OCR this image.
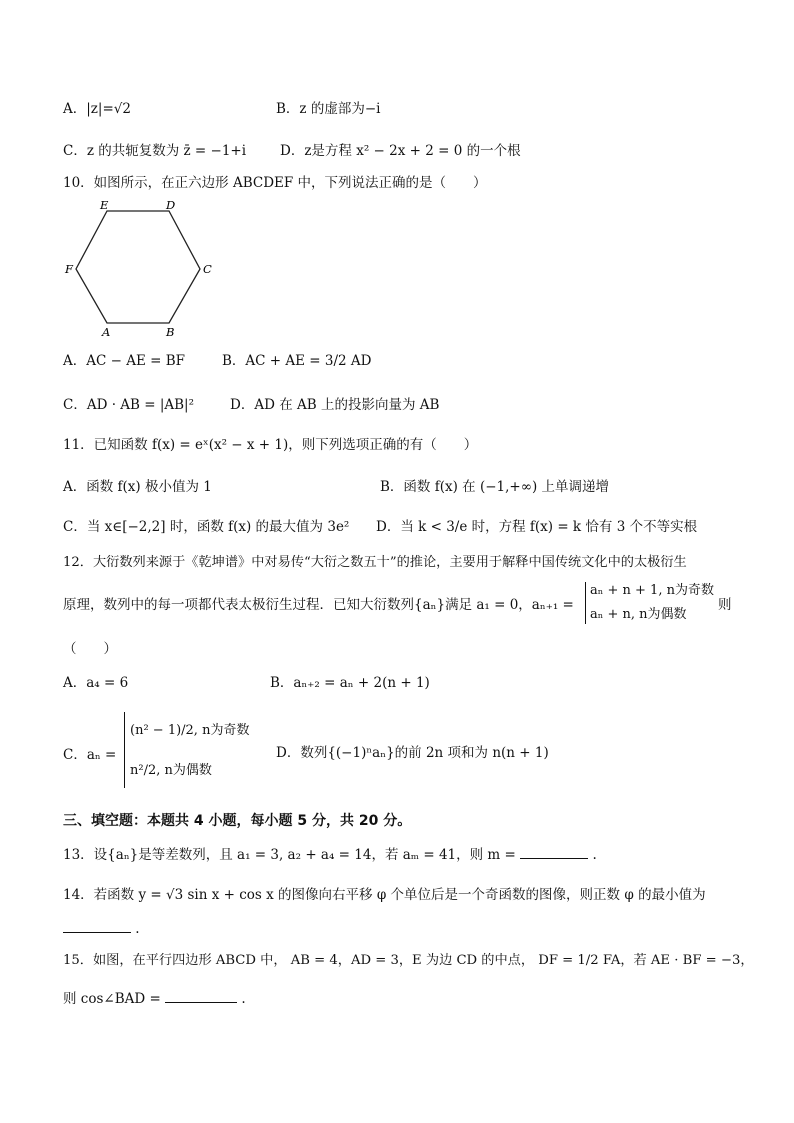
A．|z|=√2	B．z 的虚部为−i
C．z 的共轭复数为 z̄ = −1+i	D．z是方程 x² − 2x + 2 = 0 的一个根
10．如图所示，在正六边形 ABCDEF 中，下列说法正确的是（　　）
E	D
F	C
A	B
A．AC − AE = BF	B．AC + AE = 3/2 AD
C．AD · AB = |AB|²	D．AD 在 AB 上的投影向量为 AB
11．已知函数 f(x) = eˣ(x² − x + 1)，则下列选项正确的有（　　）
A．函数 f(x) 极小值为 1	B．函数 f(x) 在 (−1,+∞) 上单调递增
C．当 x∈[−2,2] 时，函数 f(x) 的最大值为 3e² D．当 k < 3/e 时，方程 f(x) = k 恰有 3 个不等实根
12．大衍数列来源于《乾坤谱》中对易传“大衍之数五十”的推论，主要用于解释中国传统文化中的太极衍生
原理，数列中的每一项都代表太极衍生过程．已知大衍数列{aₙ}满足 a₁ = 0，aₙ₊₁ =
aₙ + n + 1, n为奇数
aₙ + n, n为偶数
则
（　　）
A．a₄ = 6	B．aₙ₊₂ = aₙ + 2(n + 1)
C．aₙ =
(n² − 1)/2, n为奇数
n²/2, n为偶数
D．数列{(−1)ⁿaₙ}的前 2n 项和为 n(n + 1)
三、填空题：本题共 4 小题，每小题 5 分，共 20 分。
13．设{aₙ}是等差数列，且 a₁ = 3, a₂ + a₄ = 14，若 aₘ = 41，则 m =	.
14．若函数 y = √3 sin x + cos x 的图像向右平移 φ 个单位后是一个奇函数的图像，则正数 φ 的最小值为
.
15．如图，在平行四边形 ABCD 中， AB = 4，AD = 3，E 为边 CD 的中点， DF = 1/2 FA，若 AE · BF = −3，
则 cos∠BAD =	.
